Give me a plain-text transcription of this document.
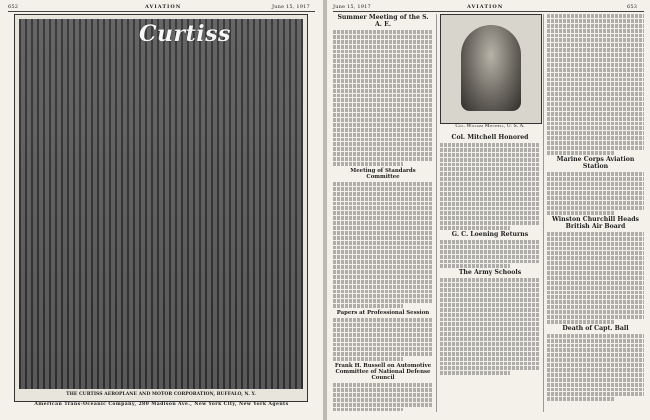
652	AVIATION	June 15, 1917
Curtiss
THE CURTISS AEROPLANE AND MOTOR CORPORATION, BUFFALO, N. Y.
American Trans-Oceanic Company, 280 Madison Ave., New York City, New York Agents
June 15, 1917	AVIATION	653
Summer Meeting of the S. A. E.
Meeting of Standards Committee
Papers at Professional Session
Frank H. Russell on Automotive Committee of National Defense Council
Col. William Mitchell, U. S. A.
Col. Mitchell Honored
G. C. Loening Returns
The Army Schools
Marine Corps Aviation Station
Winston Churchill Heads British Air Board
Death of Capt. Ball
